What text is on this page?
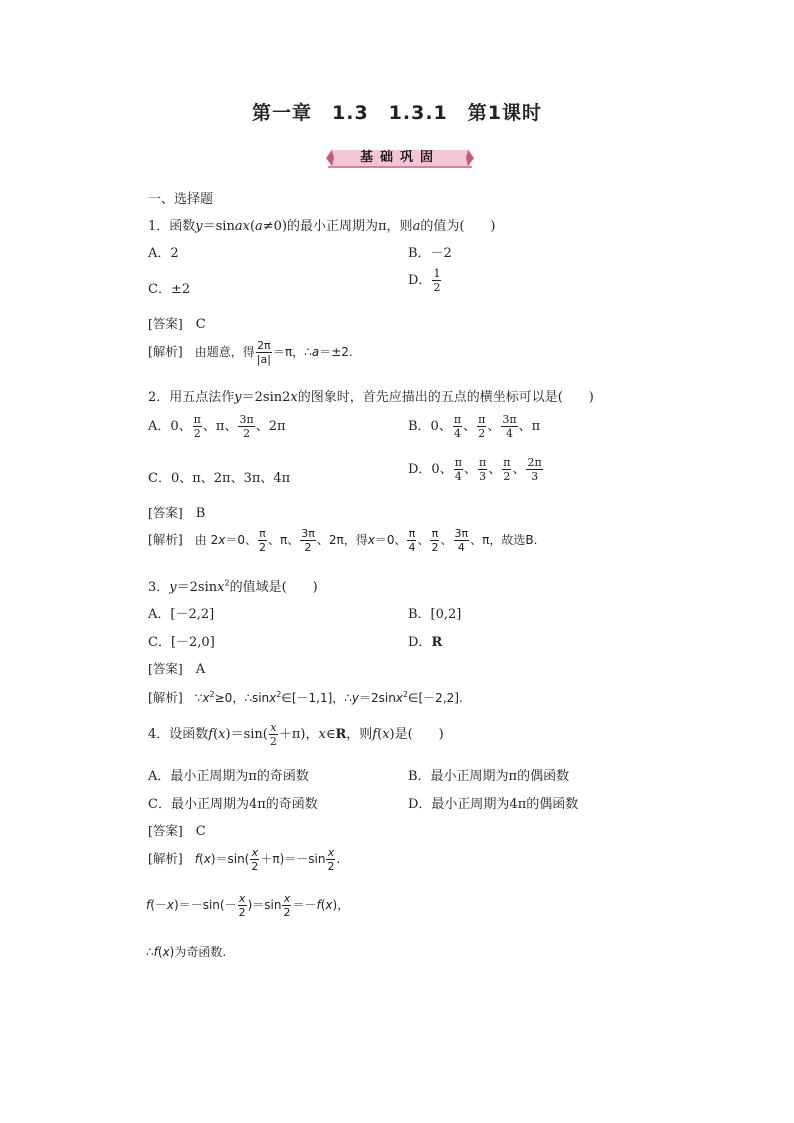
第一章　1.3　1.3.1　第1课时
基础巩固
一、选择题
1．函数y＝sinax(a≠0)的最小正周期为π，则a的值为(　　)
A．2	B．－2
C．±2
D． $\frac{1}{2}$
[答案]　 C
[解析]　 由题意，得 $\frac{2\pi}{|a|} =\pi$，∴a＝±2.
2．用五点法作y＝2sin2x的图象时，首先应描出的五点的横坐标可以是(　　)
A．0、 $\frac{\pi}{2}$ 、π、 $\frac{3\pi}{2}$ 、2π	B．0、 $\frac{\pi}{4}$ 、 $\frac{\pi}{2}$ 、 $\frac{3\pi}{4}$ 、π
C．0、π、2π、3π、4π
D．0、 $\frac{\pi}{4}$ 、 $\frac{\pi}{3}$ 、 $\frac{\pi}{2}$ 、 $\frac{2\pi}{3}$
[答案]　 B
[解析]　 由 2x＝0、 $\frac{\pi}{2}$ 、π、 $\frac{3\pi}{2}$ 、2π，得x＝0、 $\frac{\pi}{4}$ 、 $\frac{\pi}{2}$ 、 $\frac{3\pi}{4}$ 、π，故选B.
3．y＝2sinx$^2$的值域是(　　)
A．[－2,2]	B．[0,2]
C．[－2,0]	D．R
[答案]　 A
[解析]　 $\because x^2\ge 0$，∴sinx$^2$∈[－1,1]，∴y＝2sinx$^2$∈[－2,2].
4．设函数$f(x)=\sin( \frac{x}{2} +\pi)$，x∈R，则f(x)是(　　)
A．最小正周期为π的奇函数	B．最小正周期为π的偶函数
C．最小正周期为4π的奇函数	D．最小正周期为4π的偶函数
[答案]　 C
[解析]　 $f(x)=\sin( \frac{x}{2} +\pi)=-\sin \frac{x}{2}$ .
$f(-x)=-\sin(- \frac{x}{2} )=\sin \frac{x}{2} =-f(x)$，
∴f(x)为奇函数.
